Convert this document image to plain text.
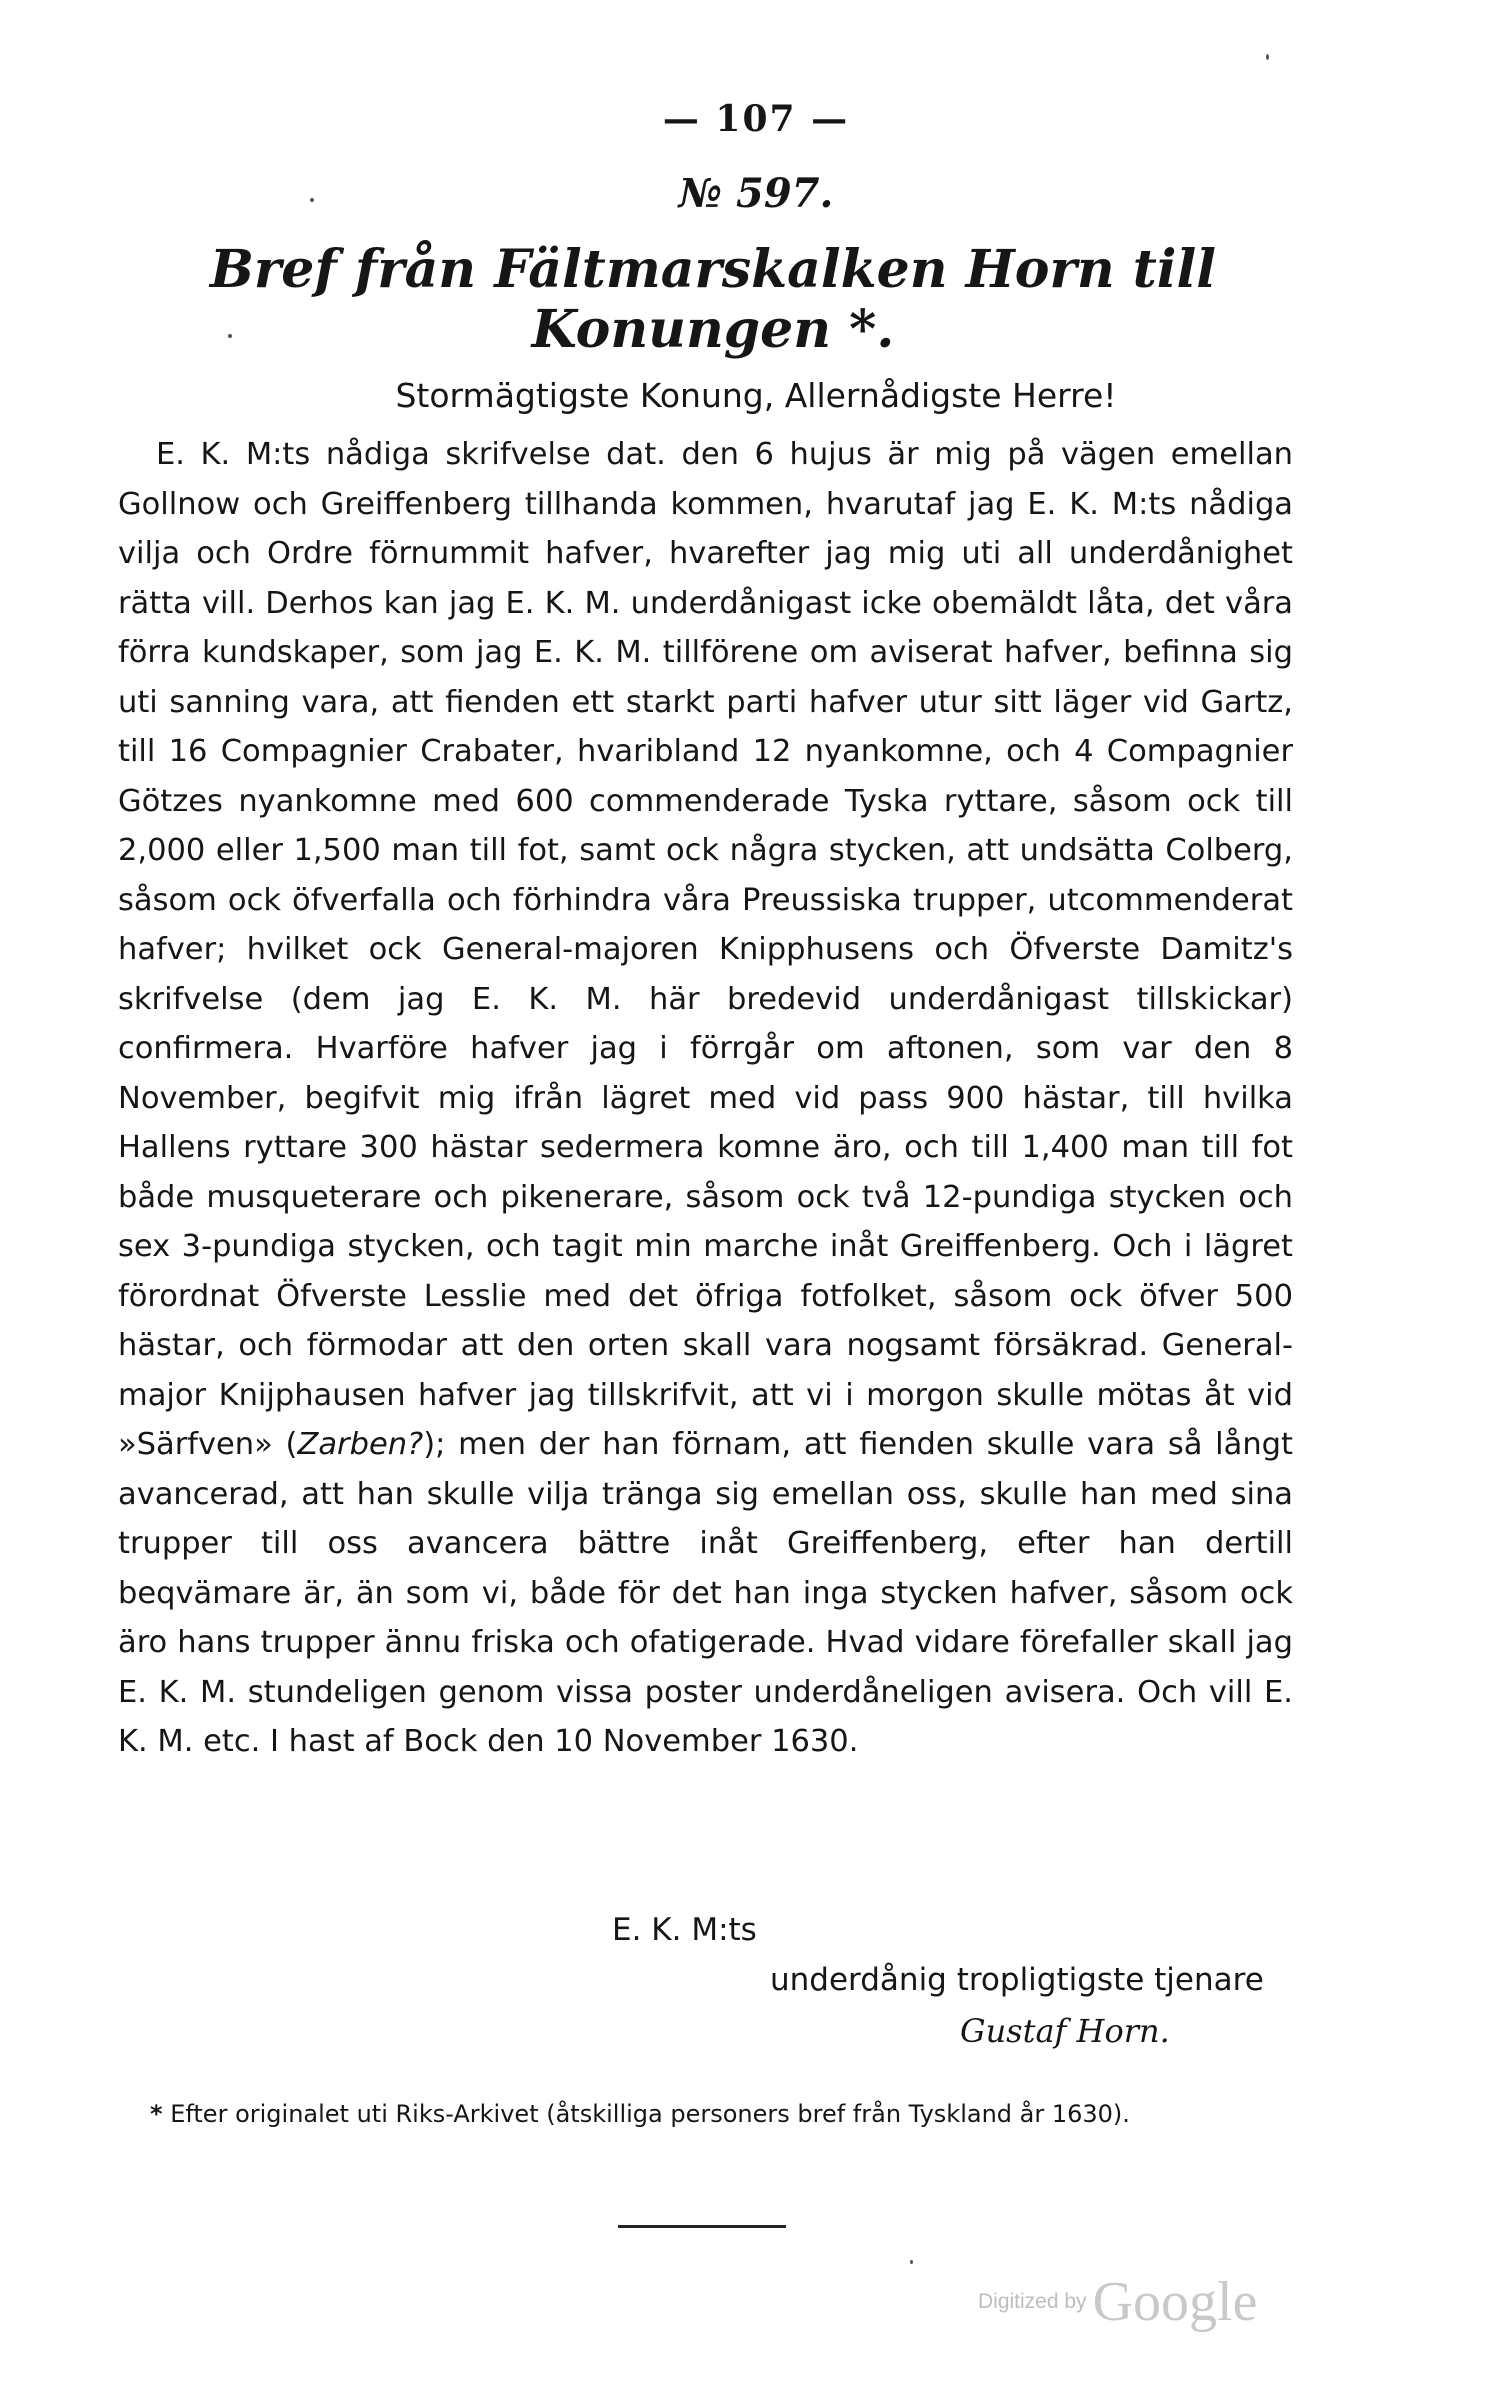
— 107 —
№ 597.
Bref från Fältmarskalken Horn till Konungen *.
Stormägtigste Konung, Allernådigste Herre!
E. K. M:ts nådiga skrifvelse dat. den 6 hujus är mig på vägen emellan Gollnow och Greiffenberg tillhanda kommen, hvarutaf jag E. K. M:ts nådiga vilja och Ordre förnummit hafver, hvarefter jag mig uti all underdånighet rätta vill. Derhos kan jag E. K. M. underdånigast icke obemäldt låta, det våra förra kundskaper, som jag E. K. M. tillförene om aviserat hafver, befinna sig uti sanning vara, att fienden ett starkt parti hafver utur sitt läger vid Gartz, till 16 Compagnier Crabater, hvaribland 12 nyankomne, och 4 Compagnier Götzes nyankomne med 600 commenderade Tyska ryttare, såsom ock till 2,000 eller 1,500 man till fot, samt ock några stycken, att undsätta Colberg, såsom ock öfverfalla och förhindra våra Preussiska trupper, utcommenderat hafver; hvilket ock General-majoren Knipphusens och Öfverste Damitz's skrifvelse (dem jag E. K. M. här bredevid underdånigast tillskickar) confirmera. Hvarföre hafver jag i förrgår om aftonen, som var den 8 November, begifvit mig ifrån lägret med vid pass 900 hästar, till hvilka Hallens ryttare 300 hästar sedermera komne äro, och till 1,400 man till fot både musqueterare och pikenerare, såsom ock två 12-pundiga stycken och sex 3-pundiga stycken, och tagit min marche inåt Greiffenberg. Och i lägret förordnat Öfverste Lesslie med det öfriga fotfolket, såsom ock öfver 500 hästar, och förmodar att den orten skall vara nogsamt försäkrad. General-major Knijphausen hafver jag tillskrifvit, att vi i morgon skulle mötas åt vid »Särfven» (Zarben?); men der han förnam, att fienden skulle vara så långt avancerad, att han skulle vilja tränga sig emellan oss, skulle han med sina trupper till oss avancera bättre inåt Greiffenberg, efter han dertill beqvämare är, än som vi, både för det han inga stycken hafver, såsom ock äro hans trupper ännu friska och ofatigerade. Hvad vidare förefaller skall jag E. K. M. stundeligen genom vissa poster underdåneligen avisera. Och vill E. K. M. etc. I hast af Bock den 10 November 1630.
E. K. M:ts
underdånig tropligtigste tjenare
Gustaf Horn.
* Efter originalet uti Riks-Arkivet (åtskilliga personers bref från Tyskland år 1630).
Digitized by Google
